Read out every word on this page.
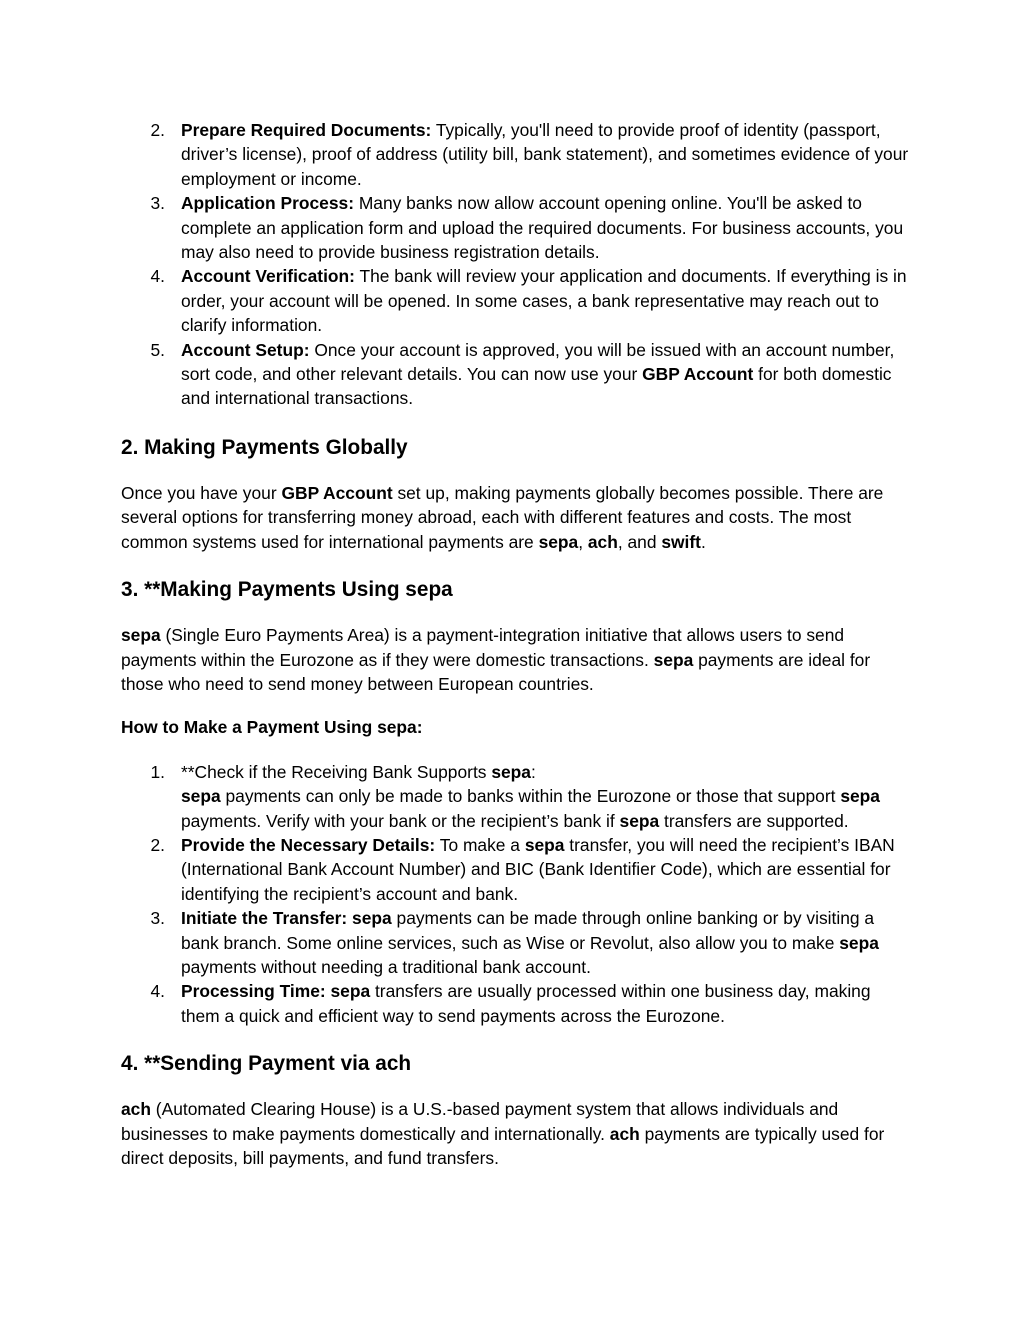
2. Prepare Required Documents: Typically, you'll need to provide proof of identity (passport, driver’s license), proof of address (utility bill, bank statement), and sometimes evidence of your employment or income.
3. Application Process: Many banks now allow account opening online. You'll be asked to complete an application form and upload the required documents. For business accounts, you may also need to provide business registration details.
4. Account Verification: The bank will review your application and documents. If everything is in order, your account will be opened. In some cases, a bank representative may reach out to clarify information.
5. Account Setup: Once your account is approved, you will be issued with an account number, sort code, and other relevant details. You can now use your GBP Account for both domestic and international transactions.
2. Making Payments Globally

Once you have your GBP Account set up, making payments globally becomes possible. There are several options for transferring money abroad, each with different features and costs. The most common systems used for international payments are sepa, ach, and swift.

3. **Making Payments Using sepa

sepa (Single Euro Payments Area) is a payment-integration initiative that allows users to send payments within the Eurozone as if they were domestic transactions. sepa payments are ideal for those who need to send money between European countries.

How to Make a Payment Using sepa:

1. **Check if the Receiving Bank Supports sepa:
sepa payments can only be made to banks within the Eurozone or those that support sepa payments. Verify with your bank or the recipient’s bank if sepa transfers are supported.
2. Provide the Necessary Details: To make a sepa transfer, you will need the recipient’s IBAN (International Bank Account Number) and BIC (Bank Identifier Code), which are essential for identifying the recipient’s account and bank.
3. Initiate the Transfer: sepa payments can be made through online banking or by visiting a bank branch. Some online services, such as Wise or Revolut, also allow you to make sepa payments without needing a traditional bank account.
4. Processing Time: sepa transfers are usually processed within one business day, making them a quick and efficient way to send payments across the Eurozone.
4. **Sending Payment via ach

ach (Automated Clearing House) is a U.S.-based payment system that allows individuals and businesses to make payments domestically and internationally. ach payments are typically used for direct deposits, bill payments, and fund transfers.
